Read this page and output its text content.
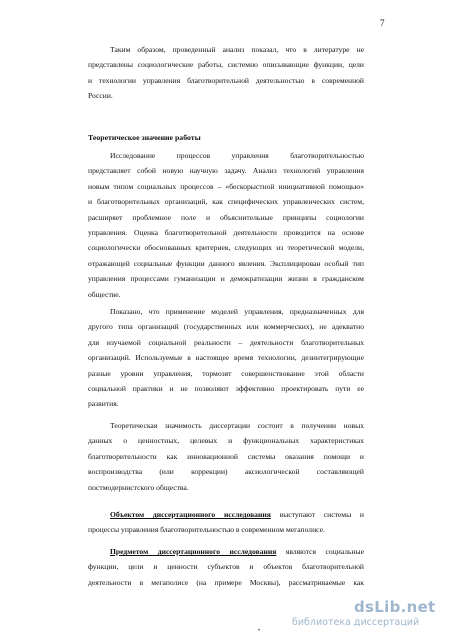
7
Таким образом, проведенный анализ показал, что в литературе не
представлены социологические работы, системно описывающие функции, цели
и технологии управления благотворительной деятельностью в современной
России.
Теоретическое значение работы
Исследование процессов управления благотворительностью
представляет собой новую научную задачу. Анализ технологий управления
новым типом социальных процессов – «бескорыстной инициативной помощью»
и благотворительных организаций, как специфических управленческих систем,
расширяет проблемное поле и объяснительные принципы социологии
управления. Оценка благотворительной деятельности проводится на основе
социологически обоснованных критериев, следующих из теоретической модели,
отражающей социальные функции данного явления. Эксплицирован особый тип
управления процессами гуманизации и демократизации жизни в гражданском
обществе.
Показано, что применение моделей управления, предназначенных для
другого типа организаций (государственных или коммерческих), не адекватно
для изучаемой социальной реальности – деятельности благотворительных
организаций. Используемые в настоящее время технологии, дезинтегрирующие
разные уровни управления, тормозят совершенствование этой области
социальной практики и не позволяют эффективно проектировать пути ее
развития.
Теоретическая значимость диссертации состоит в получении новых
данных о ценностных, целевых и функциональных характеристиках
благотворительности как инновационной системы оказания помощи и
воспроизводства (или коррекции) аксиологической составляющей
постмодернистского общества.
Объектом диссертационного исследования выступают системы и
процессы управления благотворительностью в современном мегаполисе.
Предметом диссертационного исследования являются социальные
функции, цели и ценности субъектов и объектов благотворительной
деятельности в мегаполисе (на примере Москвы), рассматриваемые как
dsLib.net
библиотека диссертаций
•
